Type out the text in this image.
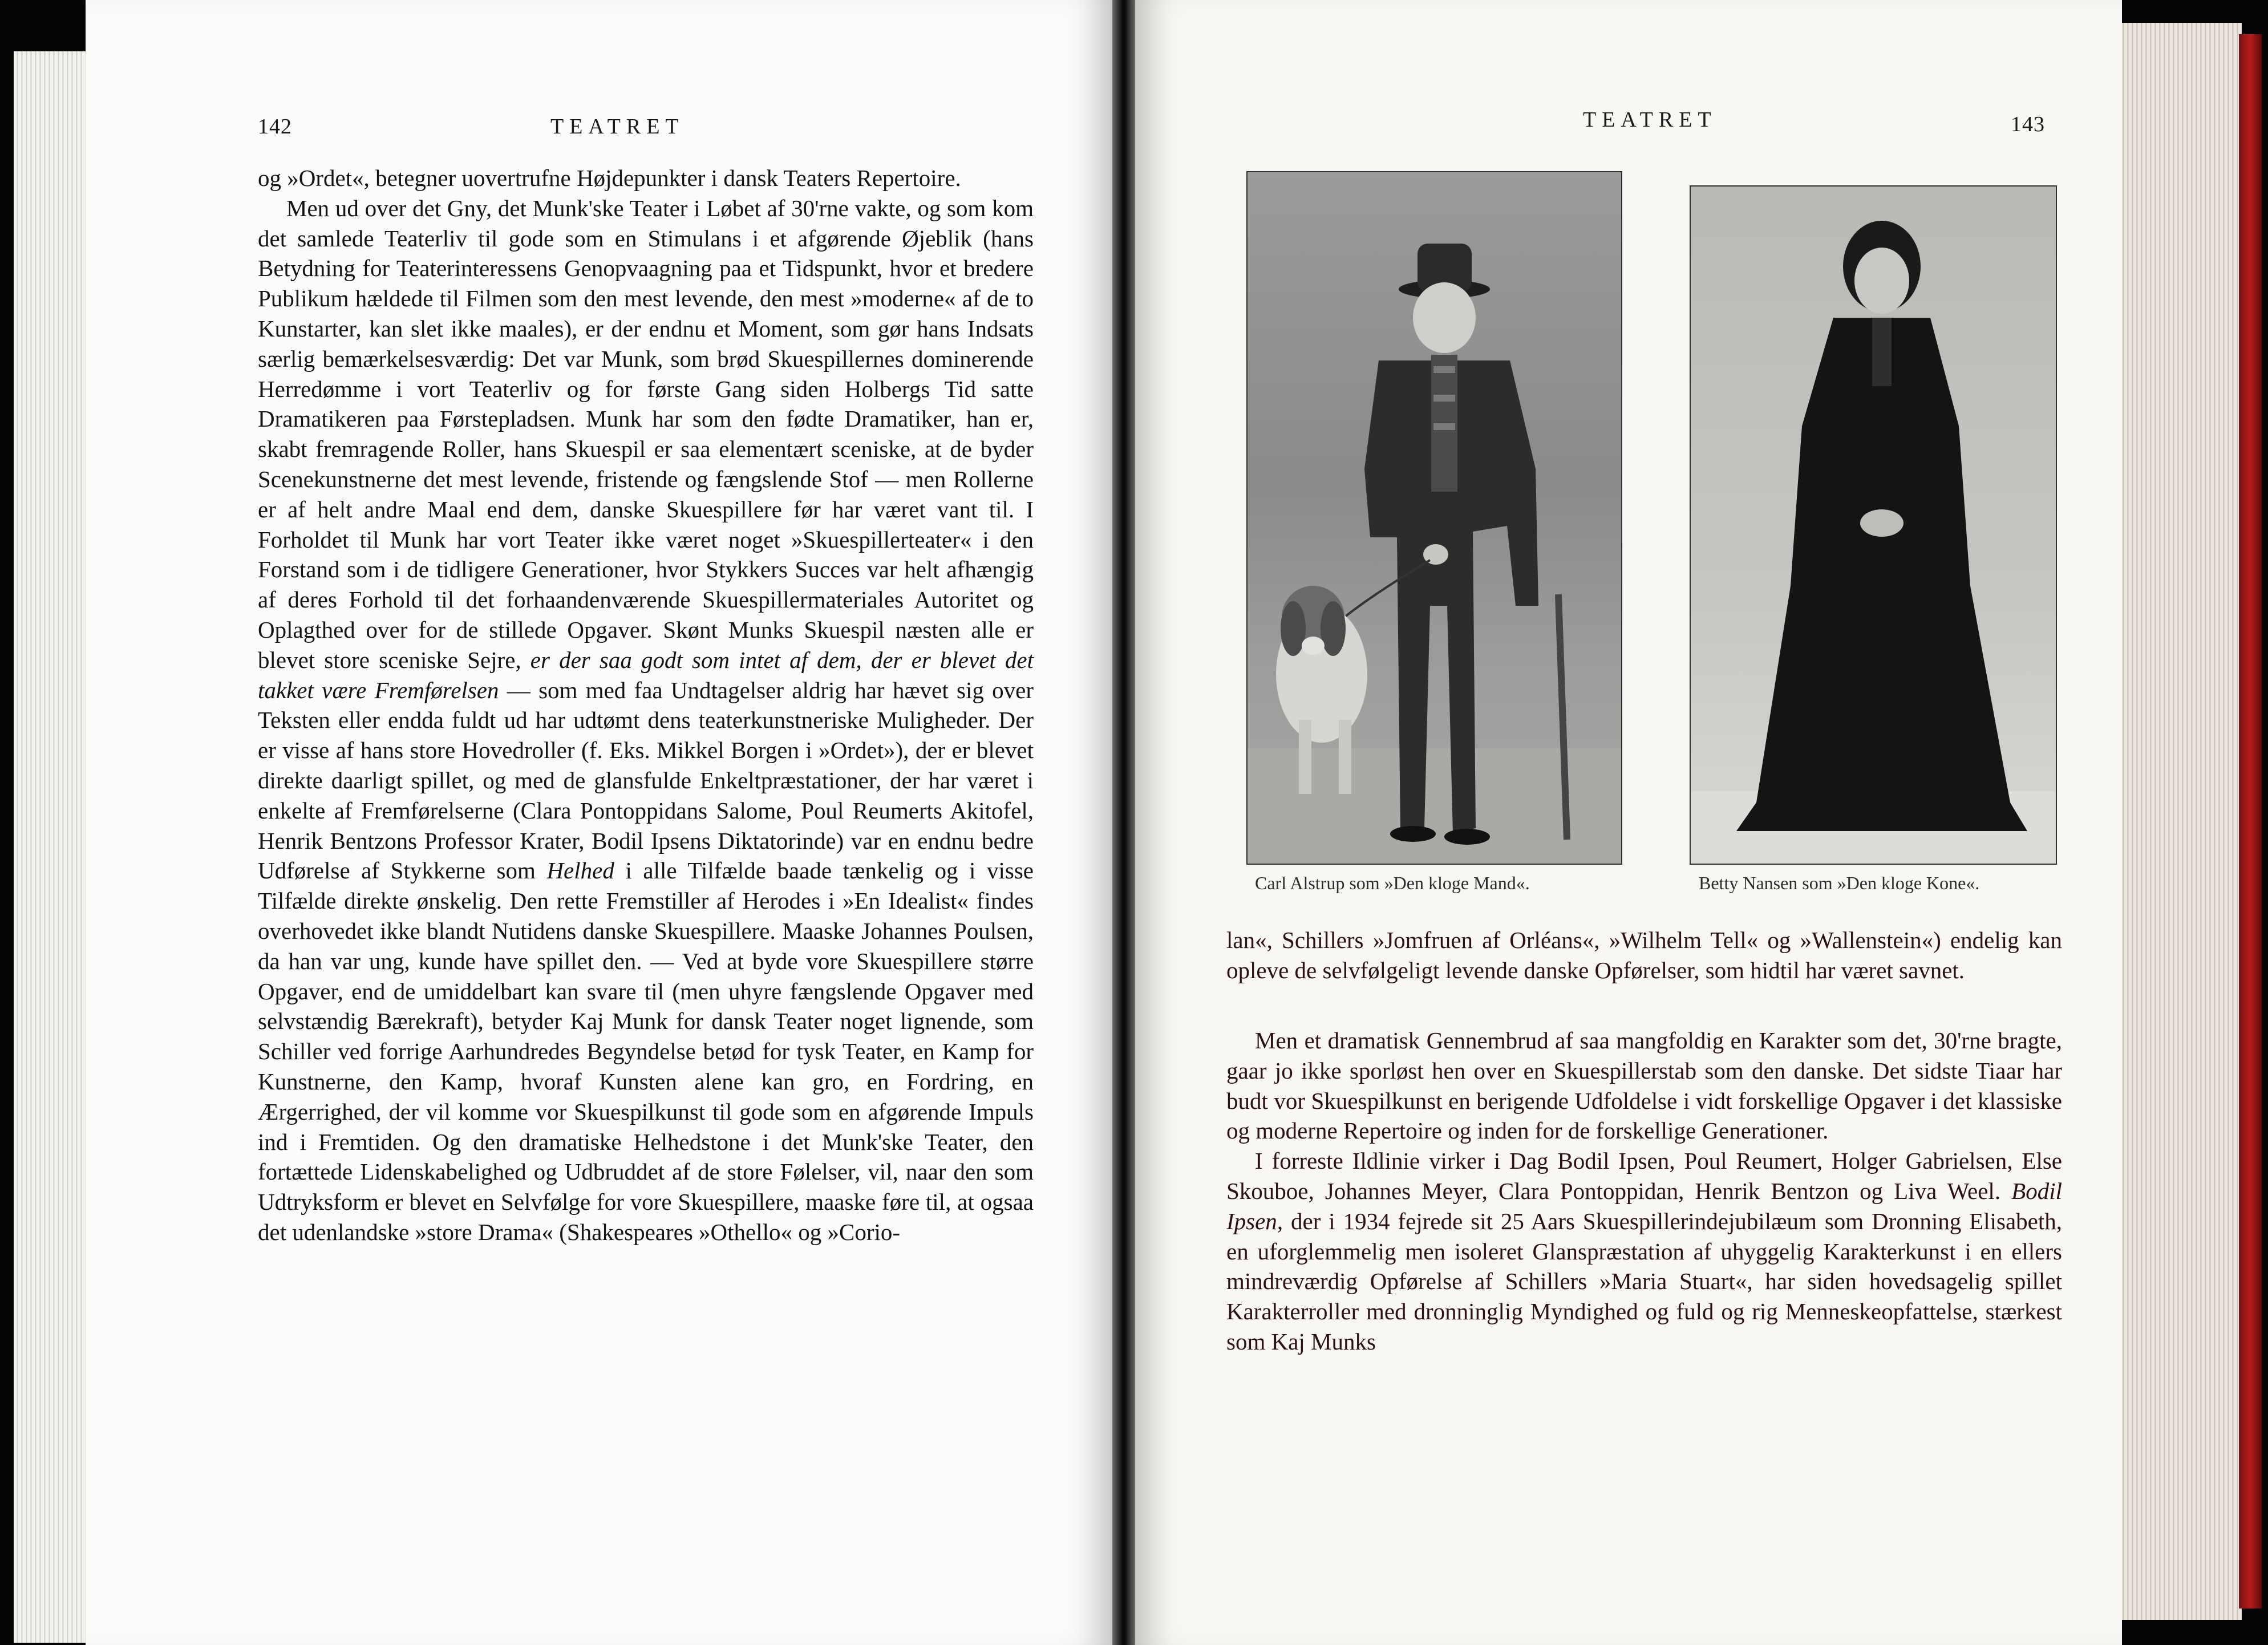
142	TEATRET

og »Ordet«, betegner uovertrufne Højdepunkter i dansk Teaters Repertoire.

Men ud over det Gny, det Munk'ske Teater i Løbet af 30'rne vakte, og som kom det samlede Teaterliv til gode som en Stimulans i et afgørende Øjeblik (hans Betydning for Teaterinteressens Genopvaagning paa et Tidspunkt, hvor et bredere Publikum hældede til Filmen som den mest levende, den mest »moderne« af de to Kunstarter, kan slet ikke maales), er der endnu et Moment, som gør hans Indsats særlig bemærkelsesværdig: Det var Munk, som brød Skuespillernes dominerende Herredømme i vort Teaterliv og for første Gang siden Holbergs Tid satte Dramatikeren paa Førstepladsen. Munk har som den fødte Dramatiker, han er, skabt fremragende Roller, hans Skuespil er saa elementært sceniske, at de byder Scenekunstnerne det mest levende, fristende og fængslende Stof — men Rollerne er af helt andre Maal end dem, danske Skuespillere før har været vant til. I Forholdet til Munk har vort Teater ikke været noget »Skuespillerteater« i den Forstand som i de tidligere Generationer, hvor Stykkers Succes var helt afhængig af deres Forhold til det forhaandenværende Skuespillermateriales Autoritet og Oplagthed over for de stillede Opgaver. Skønt Munks Skuespil næsten alle er blevet store sceniske Sejre, er der saa godt som intet af dem, der er blevet det takket være Fremførelsen — som med faa Undtagelser aldrig har hævet sig over Teksten eller endda fuldt ud har udtømt dens teaterkunstneriske Muligheder. Der er visse af hans store Hovedroller (f. Eks. Mikkel Borgen i »Ordet»), der er blevet direkte daarligt spillet, og med de glansfulde Enkeltpræstationer, der har været i enkelte af Fremførelserne (Clara Pontoppidans Salome, Poul Reumerts Akitofel, Henrik Bentzons Professor Krater, Bodil Ipsens Diktatorinde) var en endnu bedre Udførelse af Stykkerne som Helhed i alle Tilfælde baade tænkelig og i visse Tilfælde direkte ønskelig. Den rette Fremstiller af Herodes i »En Idealist« findes overhovedet ikke blandt Nutidens danske Skuespillere. Maaske Johannes Poulsen, da han var ung, kunde have spillet den. — Ved at byde vore Skuespillere større Opgaver, end de umiddelbart kan svare til (men uhyre fængslende Opgaver med selvstændig Bærekraft), betyder Kaj Munk for dansk Teater noget lignende, som Schiller ved forrige Aarhundredes Begyndelse betød for tysk Teater, en Kamp for Kunstnerne, den Kamp, hvoraf Kunsten alene kan gro, en Fordring, en Ærgerrighed, der vil komme vor Skuespilkunst til gode som en afgørende Impuls ind i Fremtiden. Og den dramatiske Helhedstone i det Munk'ske Teater, den fortættede Lidenskabelighed og Udbruddet af de store Følelser, vil, naar den som Udtryksform er blevet en Selvfølge for vore Skuespillere, maaske føre til, at ogsaa det udenlandske »store Drama« (Shakespeares »Othello« og »Corio-

TEATRET	143
Carl Alstrup som »Den kloge Mand«.	Betty Nansen som »Den kloge Kone«.

lan«, Schillers »Jomfruen af Orléans«, »Wilhelm Tell« og »Wallenstein«) endelig kan opleve de selvfølgeligt levende danske Opførelser, som hidtil har været savnet.

Men et dramatisk Gennembrud af saa mangfoldig en Karakter som det, 30'rne bragte, gaar jo ikke sporløst hen over en Skuespillerstab som den danske. Det sidste Tiaar har budt vor Skuespilkunst en berigende Udfoldelse i vidt forskellige Opgaver i det klassiske og moderne Repertoire og inden for de forskellige Generationer.

I forreste Ildlinie virker i Dag Bodil Ipsen, Poul Reumert, Holger Gabrielsen, Else Skouboe, Johannes Meyer, Clara Pontoppidan, Henrik Bentzon og Liva Weel. Bodil Ipsen, der i 1934 fejrede sit 25 Aars Skuespillerindejubilæum som Dronning Elisabeth, en uforglemmelig men isoleret Glanspræstation af uhyggelig Karakterkunst i en ellers mindreværdig Opførelse af Schillers »Maria Stuart«, har siden hovedsagelig spillet Karakterroller med dronninglig Myndighed og fuld og rig Menneskeopfattelse, stærkest som Kaj Munks
